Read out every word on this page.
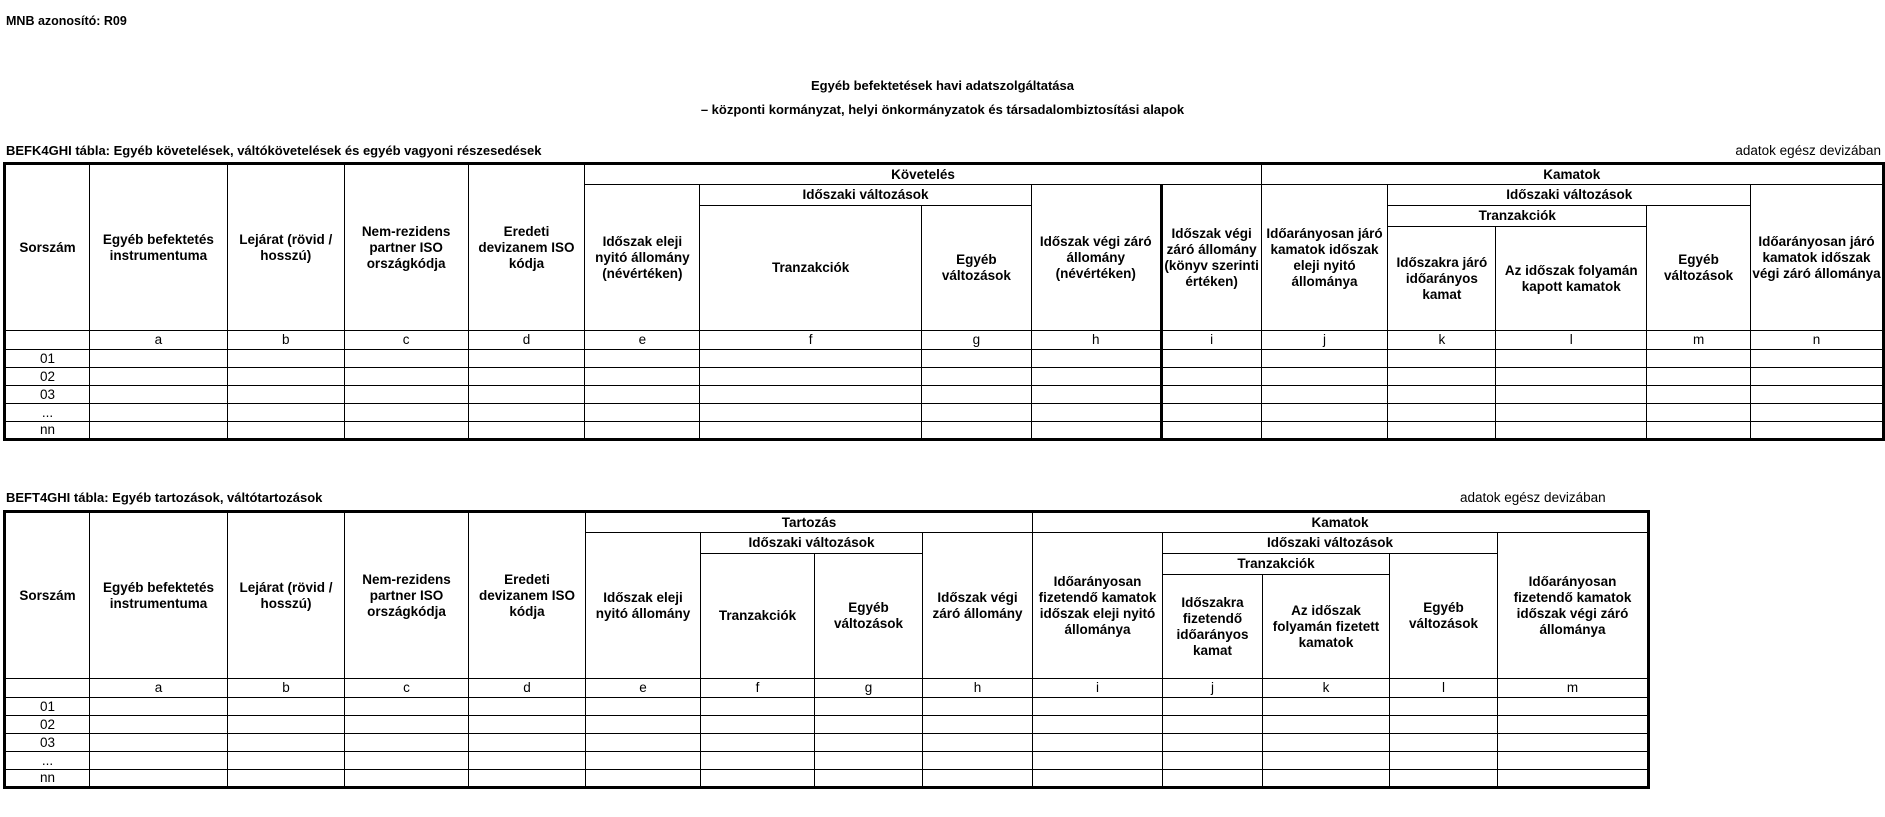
MNB azonosító: R09
Egyéb befektetések havi adatszolgáltatása
– központi kormányzat, helyi önkormányzatok és társadalombiztosítási alapok
BEFK4GHI tábla: Egyéb követelések, váltókövetelések és egyéb vagyoni részesedések	adatok egész devizában
Sorszám	Egyéb befektetés instrumentuma	Lejárat (rövid / hosszú)	Nem-rezidens partner ISO országkódja	Eredeti devizanem ISO kódja	Követelés					Kamatok				
					Időszak eleji nyitó állomány (névértéken)	Időszaki változások		Időszak végi záró állomány (névértéken)	Időszak végi záró állomány (könyv szerinti értéken)	Időarányosan járó kamatok időszak eleji nyitó állománya	Időszaki változások			Időarányosan járó kamatok időszak végi záró állománya
						Tranzakciók	Egyéb változások				Tranzakciók		Egyéb változások	
											Időszakra járó időarányos kamat	Az időszak folyamán kapott kamatok		
	a	b	c	d	e	f	g	h	i	j	k	l	m	n
01														
02														
03														
...														
nn														
BEFT4GHI tábla: Egyéb tartozások, váltótartozások	adatok egész devizában
Sorszám	Egyéb befektetés instrumentuma	Lejárat (rövid / hosszú)	Nem-rezidens partner ISO országkódja	Eredeti devizanem ISO kódja	Tartozás				Kamatok				
					Időszak eleji nyitó állomány	Időszaki változások		Időszak végi záró állomány	Időarányosan fizetendő kamatok időszak eleji nyitó állománya	Időszaki változások			Időarányosan fizetendő kamatok időszak végi záró állománya
						Tranzakciók	Egyéb változások			Tranzakciók		Egyéb változások	
										Időszakra fizetendő időarányos kamat	Az időszak folyamán fizetett kamatok		
	a	b	c	d	e	f	g	h	i	j	k	l	m
01													
02													
03													
...													
nn													
